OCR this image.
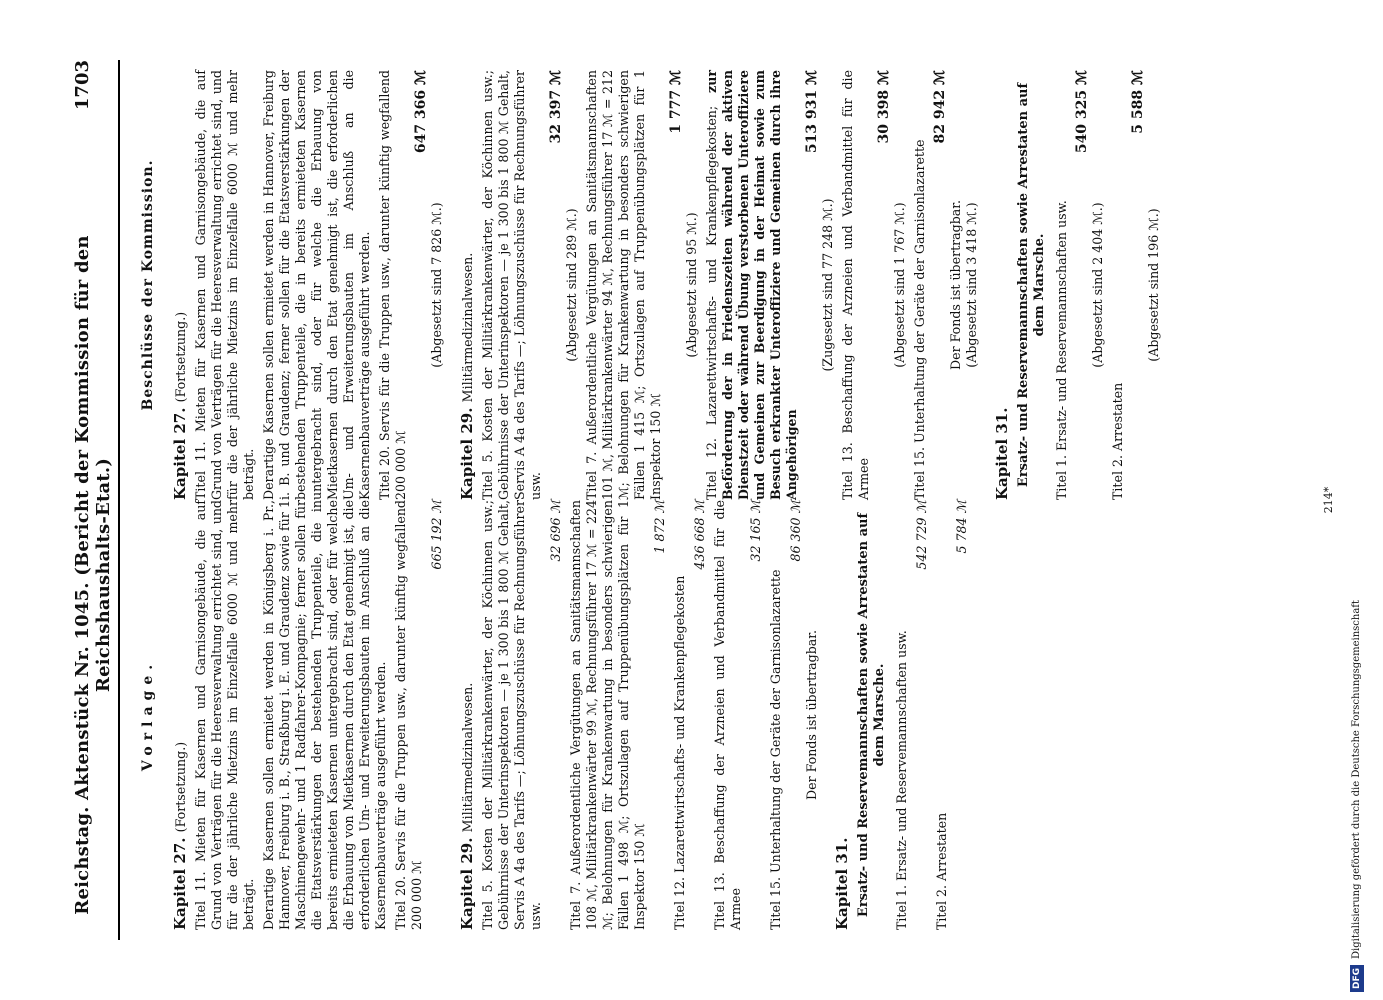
Reichstag. Aktenstück Nr. 1045. (Bericht der Kommission für den Reichshaushalts-Etat.)
1703
Vorlage.
Kapitel 27. (Fortsetzung.) Titel 11. Mieten für Kasernen und Garnisongebäude, die auf Grund von Verträgen für die Heeresverwaltung errichtet sind, und für die der jährliche Mietzins im Einzelfalle 6000 ℳ und mehr beträgt. Derartige Kasernen sollen ermietet werden in Königsberg i. Pr., Hannover, Freiburg i. B., Straßburg i. E. und Graudenz sowie für 1 Maschinengewehr- und 1 Radfahrer-Kompagnie; ferner sollen für die Etatsverstärkungen der bestehenden Truppenteile, die in bereits ermieteten Kasernen untergebracht sind, oder für welche die Erbauung von Mietkasernen durch den Etat genehmigt ist, die erforderlichen Um- und Erweiterungsbauten im Anschluß an die Kasernenbauverträge ausgeführt werden. Titel 20. Servis für die Truppen usw., darunter künftig wegfallend 200 000 ℳ
665 192 ℳ
Kapitel 29. Militärmedizinalwesen. Titel 5. Kosten der Militärkrankenwärter, der Köchinnen usw.; Gebührnisse der Unterinspektoren — je 1 300 bis 1 800 ℳ Gehalt, Servis A 4a des Tarifs —; Löhnungszuschüsse für Rechnungsführer usw.
32 696 ℳ Titel 7. Außerordentliche Vergütungen an Sanitätsmannschaften 108 ℳ, Militärkrankenwärter 99 ℳ, Rechnungsführer 17 ℳ = 224 ℳ; Belohnungen für Krankenwartung in besonders schwierigen Fällen 1 498 ℳ; Ortszulagen auf Truppenübungsplätzen für 1 Inspektor 150 ℳ
1 872 ℳ
Titel 12. Lazarettwirtschafts- und Krankenpflegekosten
436 668 ℳ Titel 13. Beschaffung der Arzneien und Verbandmittel für die Armee
32 165 ℳ
Titel 15. Unterhaltung der Geräte der Garnisonlazarette
86 360 ℳ
Der Fonds ist übertragbar.
Kapitel 31. Ersatz- und Reservemannschaften sowie Arrestaten auf dem Marsche. Titel 1. Ersatz- und Reservemannschaften usw.
542 729 ℳ
Titel 2. Arrestaten
5 784 ℳ
Beschlüsse der Kommission.
Kapitel 27. (Fortsetzung.) Titel 11. Mieten für Kasernen und Garnisongebäude, die auf Grund von Verträgen für die Heeresverwaltung errichtet sind, und für die der jährliche Mietzins im Einzelfalle 6000 ℳ und mehr beträgt. Derartige Kasernen sollen ermietet werden in Hannover, Freiburg i. B. und Graudenz; ferner sollen für die Etatsverstärkungen der bestehenden Truppenteile, die in bereits ermieteten Kasernen untergebracht sind, oder für welche die Erbauung von Mietkasernen durch den Etat genehmigt ist, die erforderlichen Um- und Erweiterungsbauten im Anschluß an die Kasernenbauverträge ausgeführt werden. Titel 20. Servis für die Truppen usw., darunter künftig wegfallend 200 000 ℳ
647 366 ℳ
(Abgesetzt sind 7 826 ℳ.)
Kapitel 29. Militärmedizinalwesen. Titel 5. Kosten der Militärkrankenwärter, der Köchinnen usw.; Gebührnisse der Unterinspektoren — je 1 300 bis 1 800 ℳ Gehalt, Servis A 4a des Tarifs —; Löhnungszuschüsse für Rechnungsführer usw.
32 397 ℳ
(Abgesetzt sind 289 ℳ.) Titel 7. Außerordentliche Vergütungen an Sanitätsmannschaften 101 ℳ, Militärkrankenwärter 94 ℳ, Rechnungsführer 17 ℳ = 212 ℳ; Belohnungen für Krankenwartung in besonders schwierigen Fällen 1 415 ℳ; Ortszulagen auf Truppenübungsplätzen für 1 Inspektor 150 ℳ
1 777 ℳ
(Abgesetzt sind 95 ℳ.) Titel 12. Lazarettwirtschafts- und Krankenpflegekosten; zur Beförderung der in Friedenszeiten während der aktiven Dienstzeit oder während Übung verstorbenen Unteroffiziere und Gemeinen zur Beerdigung in der Heimat sowie zum Besuch erkrankter Unteroffiziere und Gemeinen durch ihre Angehörigen
513 931 ℳ
(Zugesetzt sind 77 248 ℳ.) Titel 13. Beschaffung der Arzneien und Verbandmittel für die Armee
30 398 ℳ
(Abgesetzt sind 1 767 ℳ.) Titel 15. Unterhaltung der Geräte der Garnisonlazarette
82 942 ℳ
Der Fonds ist übertragbar. (Abgesetzt sind 3 418 ℳ.)
Kapitel 31. Ersatz- und Reservemannschaften sowie Arrestaten auf dem Marsche. Titel 1. Ersatz- und Reservemannschaften usw.
540 325 ℳ
(Abgesetzt sind 2 404 ℳ.)
Titel 2. Arrestaten
5 588 ℳ
(Abgesetzt sind 196 ℳ.)
214*
DFGDigitalisierung gefördert durch die Deutsche Forschungsgemeinschaft
